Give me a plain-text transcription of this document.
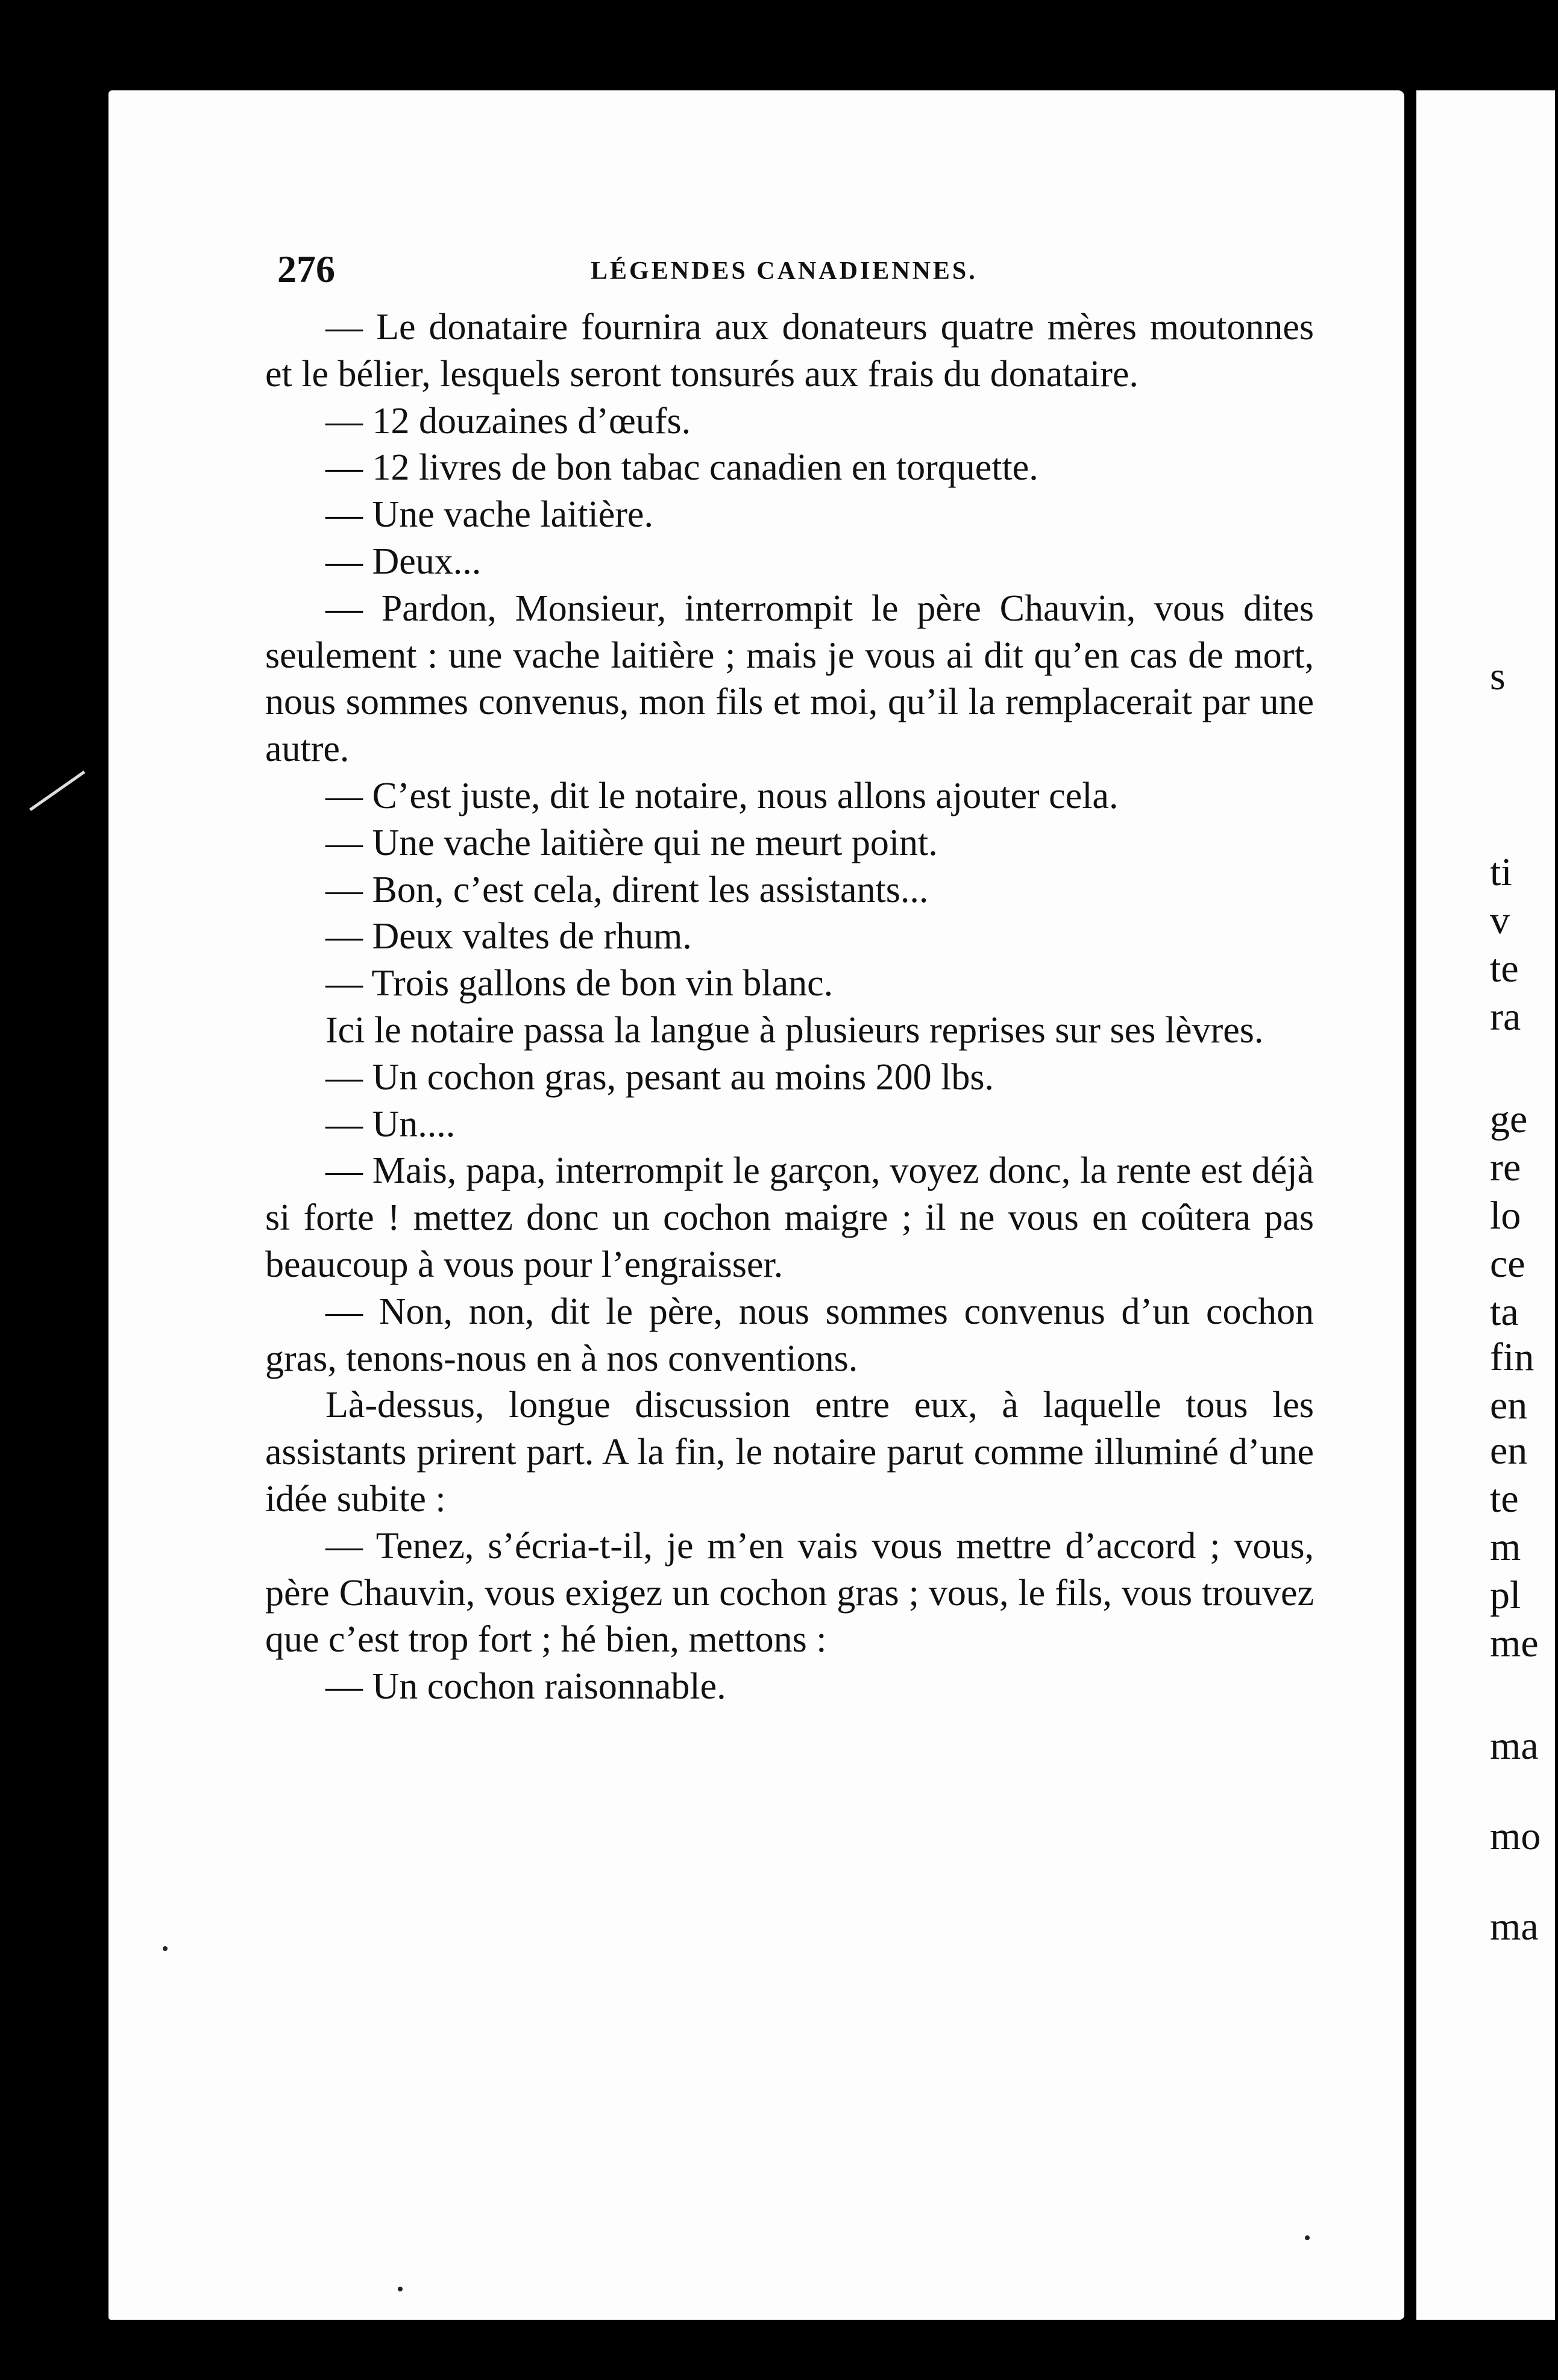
s
ti
v
te
ra
ge
re
lo
ce
ta
fin
en
en
te
m
pl
me
ma
mo
ma
276	LÉGENDES CANADIENNES.

— Le donataire fournira aux donateurs quatre mères moutonnes et le bélier, lesquels seront tonsurés aux frais du donataire.

— 12 douzaines d’œufs.

— 12 livres de bon tabac canadien en torquette.

— Une vache laitière.

— Deux...

— Pardon, Monsieur, interrompit le père Chauvin, vous dites seulement : une vache laitière ; mais je vous ai dit qu’en cas de mort, nous sommes convenus, mon fils et moi, qu’il la remplacerait par une autre.

— C’est juste, dit le notaire, nous allons ajouter cela.

— Une vache laitière qui ne meurt point.

— Bon, c’est cela, dirent les assistants...

— Deux valtes de rhum.

— Trois gallons de bon vin blanc.

Ici le notaire passa la langue à plusieurs reprises sur ses lèvres.

— Un cochon gras, pesant au moins 200 lbs.

— Un....

— Mais, papa, interrompit le garçon, voyez donc, la rente est déjà si forte ! mettez donc un cochon maigre ; il ne vous en coûtera pas beaucoup à vous pour l’engraisser.

— Non, non, dit le père, nous sommes convenus d’un cochon gras, tenons-nous en à nos conventions.

Là-dessus, longue discussion entre eux, à laquelle tous les assistants prirent part. A la fin, le notaire parut comme illuminé d’une idée subite :

— Tenez, s’écria-t-il, je m’en vais vous mettre d’accord ; vous, père Chauvin, vous exigez un cochon gras ; vous, le fils, vous trouvez que c’est trop fort ; hé bien, mettons :

— Un cochon raisonnable.
